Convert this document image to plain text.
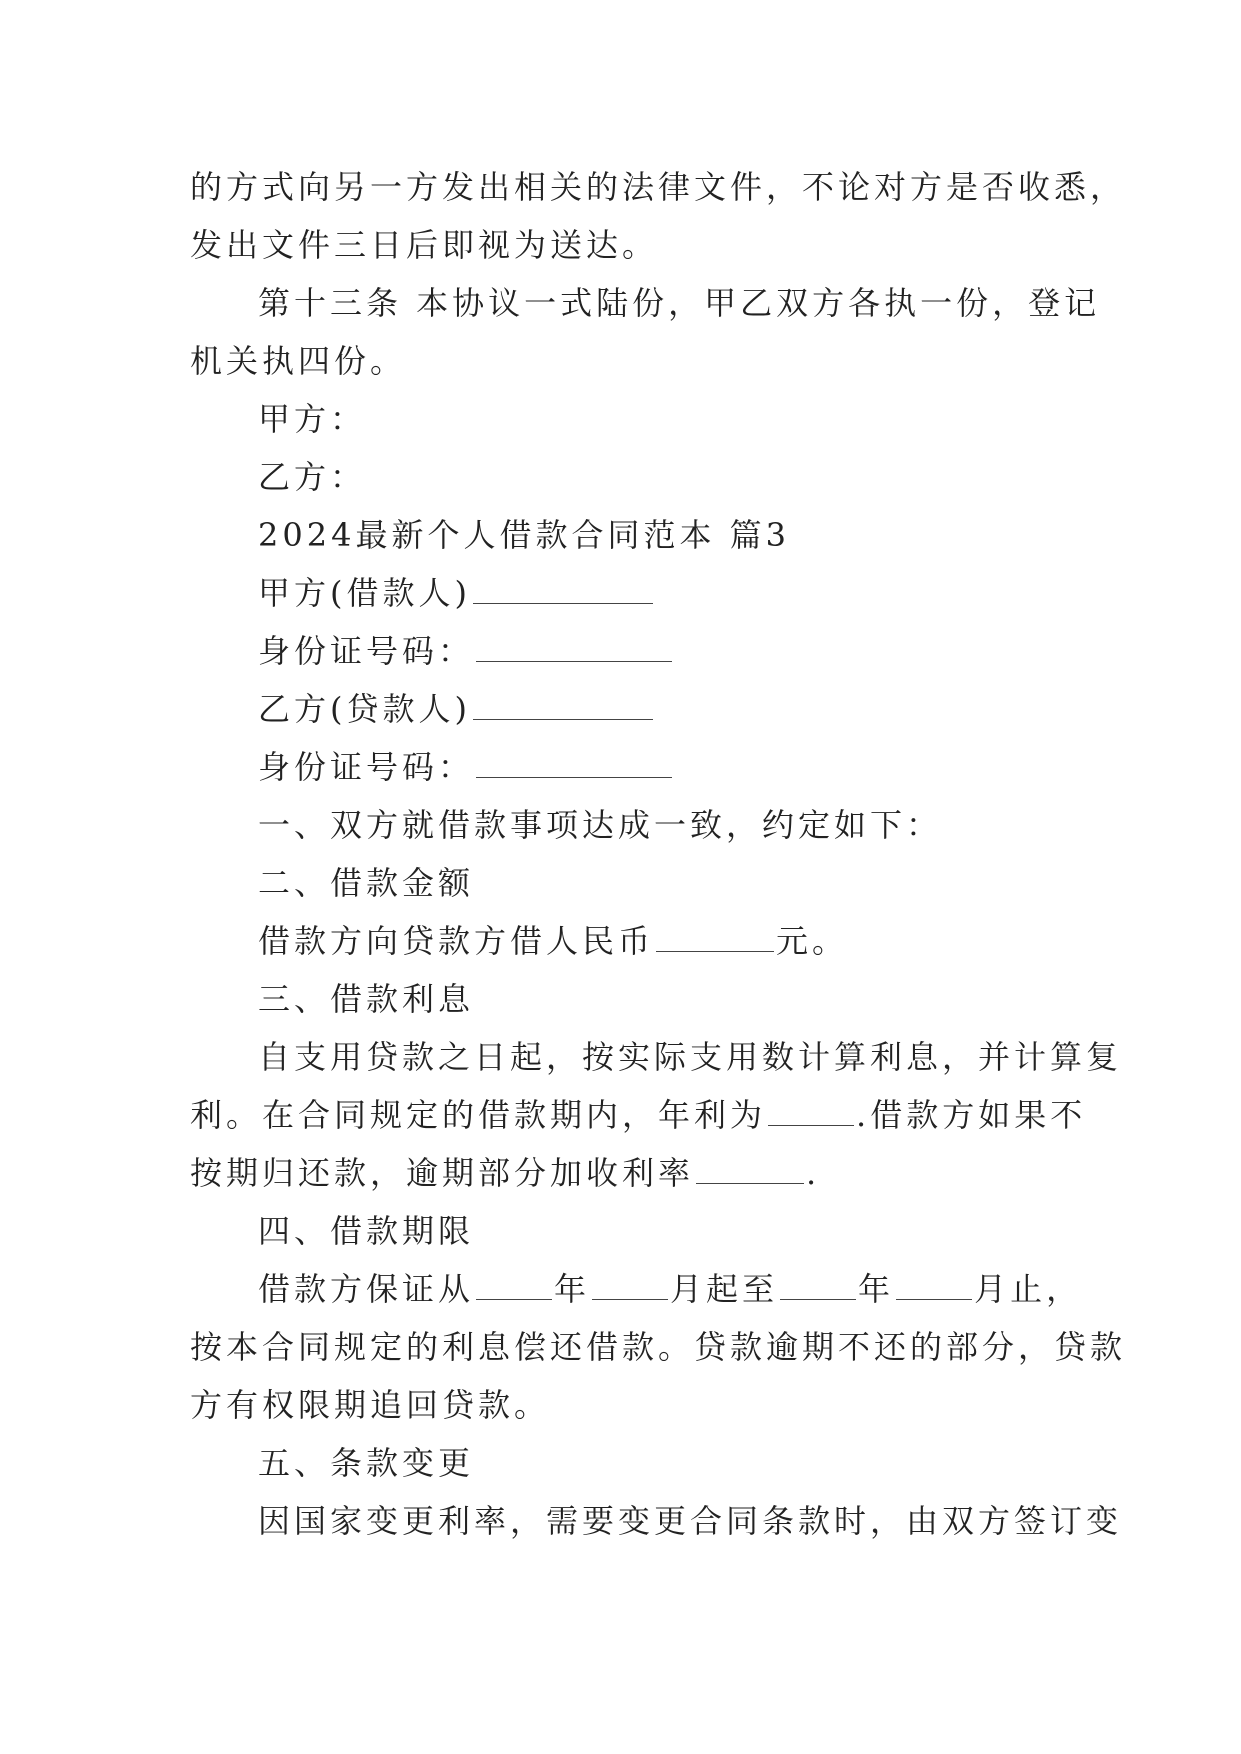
的方式向另一方发出相关的法律文件，不论对方是否收悉，
发出文件三日后即视为送达。
第十三条 本协议一式陆份，甲乙双方各执一份，登记
机关执四份。
甲方：
乙方：
2024最新个人借款合同范本 篇3
甲方(借款人)
身份证号码：
乙方(贷款人)
身份证号码：
一、双方就借款事项达成一致，约定如下：
二、借款金额
借款方向贷款方借人民币	元。
三、借款利息
自支用贷款之日起，按实际支用数计算利息，并计算复
利。在合同规定的借款期内，年利为	.借款方如果不
按期归还款，逾期部分加收利率	.
四、借款期限
借款方保证从	年	月起至	年	月止，
按本合同规定的利息偿还借款。贷款逾期不还的部分，贷款
方有权限期追回贷款。
五、条款变更
因国家变更利率，需要变更合同条款时，由双方签订变
